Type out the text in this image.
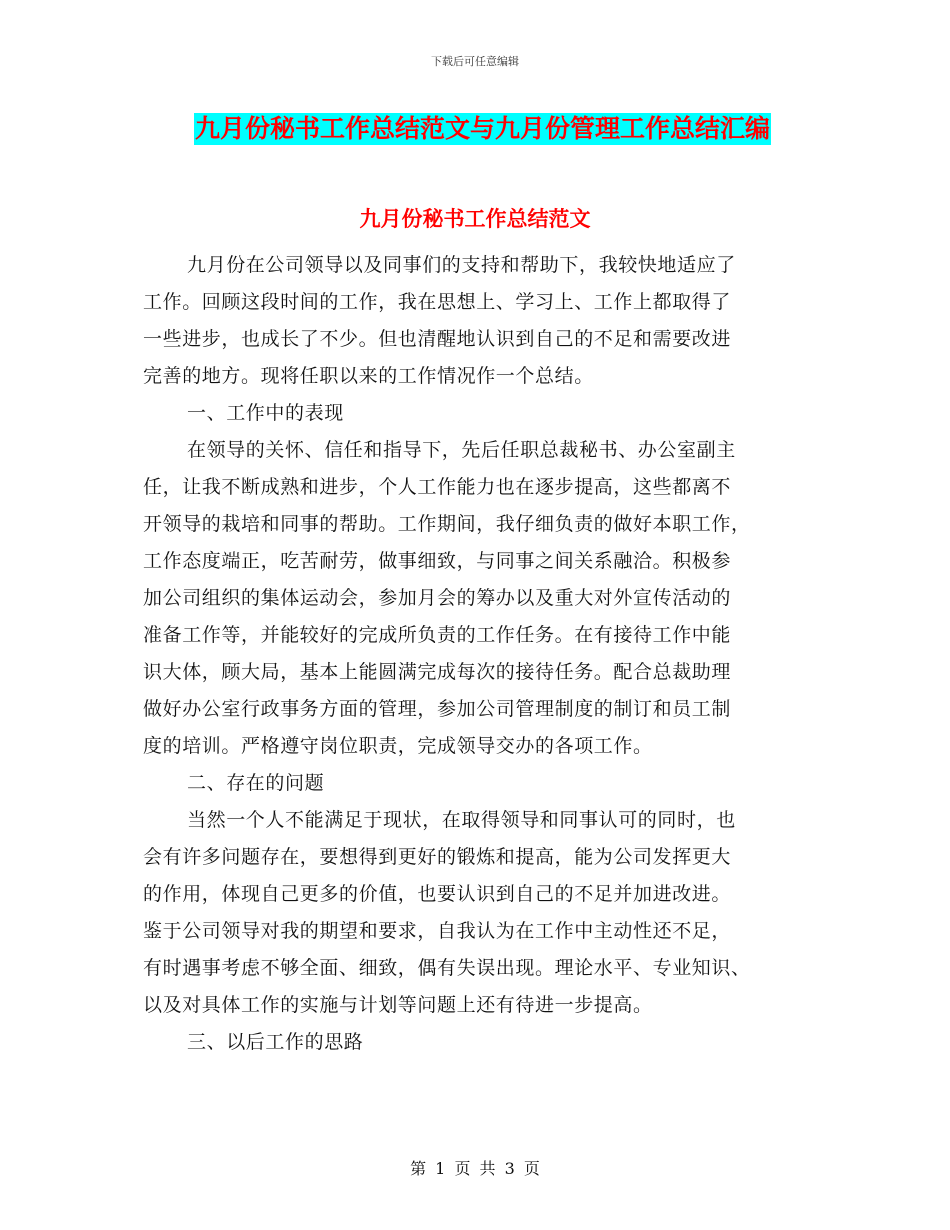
下载后可任意编辑
九月份秘书工作总结范文与九月份管理工作总结汇编
九月份秘书工作总结范文
九月份在公司领导以及同事们的支持和帮助下，我较快地适应了
工作。回顾这段时间的工作，我在思想上、学习上、工作上都取得了
一些进步，也成长了不少。但也清醒地认识到自己的不足和需要改进
完善的地方。现将任职以来的工作情况作一个总结。
一、工作中的表现
在领导的关怀、信任和指导下，先后任职总裁秘书、办公室副主
任，让我不断成熟和进步，个人工作能力也在逐步提高，这些都离不
开领导的栽培和同事的帮助。工作期间，我仔细负责的做好本职工作，
工作态度端正，吃苦耐劳，做事细致，与同事之间关系融洽。积极参
加公司组织的集体运动会，参加月会的筹办以及重大对外宣传活动的
准备工作等，并能较好的完成所负责的工作任务。在有接待工作中能
识大体，顾大局，基本上能圆满完成每次的接待任务。配合总裁助理
做好办公室行政事务方面的管理，参加公司管理制度的制订和员工制
度的培训。严格遵守岗位职责，完成领导交办的各项工作。
二、存在的问题
当然一个人不能满足于现状，在取得领导和同事认可的同时，也
会有许多问题存在，要想得到更好的锻炼和提高，能为公司发挥更大
的作用，体现自己更多的价值，也要认识到自己的不足并加进改进。
鉴于公司领导对我的期望和要求，自我认为在工作中主动性还不足，
有时遇事考虑不够全面、细致，偶有失误出现。理论水平、专业知识、
以及对具体工作的实施与计划等问题上还有待进一步提高。
三、以后工作的思路
第 1 页 共 3 页
